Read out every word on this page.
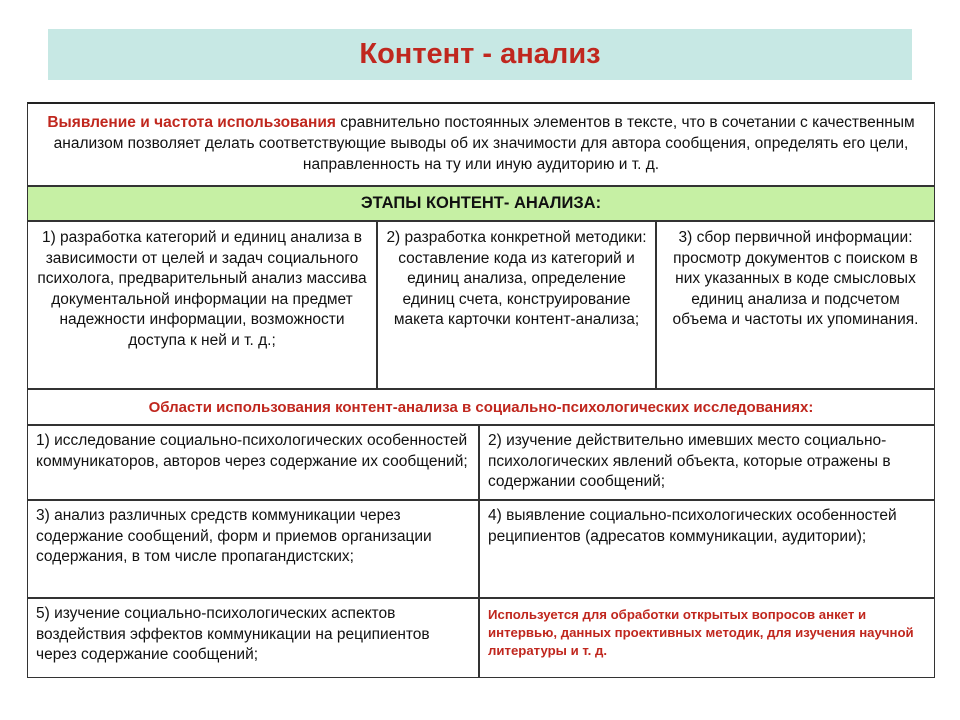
Контент - анализ
Выявление и частота использования сравнительно постоянных элементов в тексте, что в сочетании с качественным анализом позволяет делать соответствующие выводы об их значимости для автора сообщения, определять его цели, направленность на ту или иную аудиторию и т. д.
ЭТАПЫ КОНТЕНТ- АНАЛИЗА:
1) разработка категорий и единиц анализа в зависимости от целей и задач социального психолога, предварительный анализ массива документальной информации на предмет надежности информации, возможности доступа к ней и т. д.;
2) разработка конкретной методики: составление кода из категорий и единиц анализа, определение единиц счета, конструирование макета карточки контент-анализа;
3) сбор первичной информации: просмотр документов с поиском в них указанных в коде смысловых единиц анализа и подсчетом объема и частоты их упоминания.
Области использования контент-анализа в социально-психологических исследованиях:
1) исследование социально-психологических особенностей коммуникаторов, авторов через содержание их сообщений;
2) изучение действительно имевших место социально-психологических явлений объекта, которые отражены в содержании сообщений;
3) анализ различных средств коммуникации через содержание сообщений, форм и приемов организации содержания, в том числе пропагандистских;
4) выявление социально-психологических особенностей реципиентов (адресатов коммуникации, аудитории);
5) изучение социально-психологических аспектов воздействия эффектов коммуникации на реципиентов через содержание сообщений;
Используется для обработки открытых вопросов анкет и интервью, данных проективных методик, для изучения научной литературы и т. д.
